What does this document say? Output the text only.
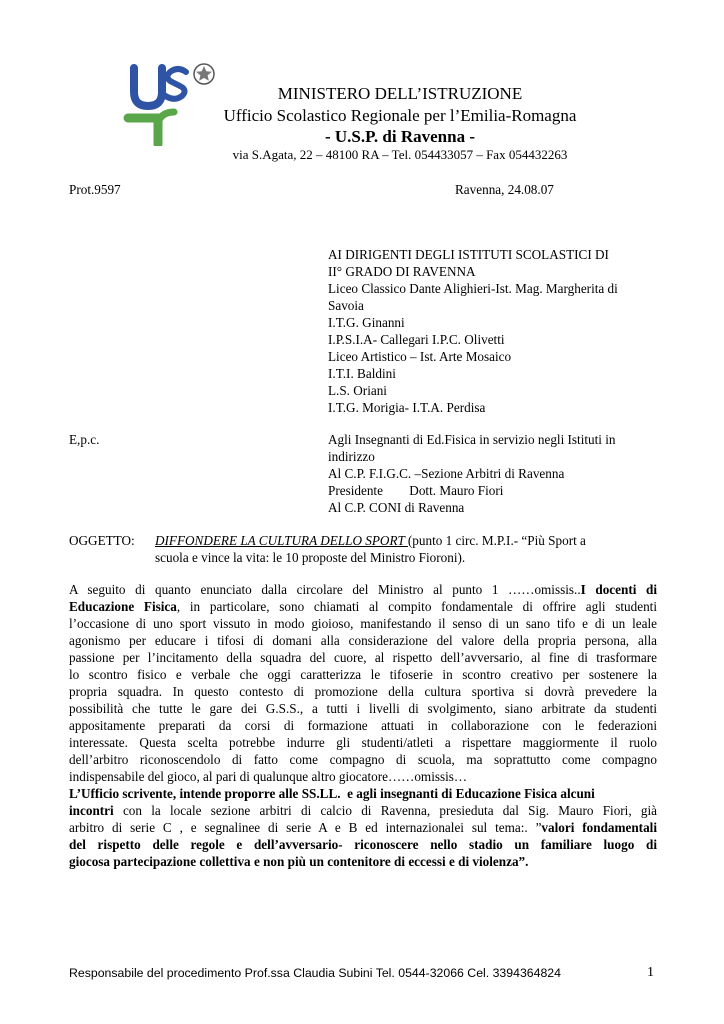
MINISTERO DELL’ISTRUZIONE
Ufficio Scolastico Regionale per l’Emilia-Romagna
- U.S.P. di Ravenna -
via S.Agata, 22 – 48100 RA – Tel. 054433057 – Fax 054432263
Prot.9597	Ravenna, 24.08.07
AI DIRIGENTI DEGLI ISTITUTI SCOLASTICI DI
II° GRADO DI RAVENNA
Liceo Classico Dante Alighieri-Ist. Mag. Margherita di
Savoia
I.T.G. Ginanni
I.P.S.I.A- Callegari I.P.C. Olivetti
Liceo Artistico – Ist. Arte Mosaico
I.T.I. Baldini
L.S. Oriani
I.T.G. Morigia- I.T.A. Perdisa
E,p.c.	Agli Insegnanti di Ed.Fisica in servizio negli Istituti in
indirizzo
Al C.P. F.I.G.C. –Sezione Arbitri di Ravenna
Presidente        Dott. Mauro Fiori
Al C.P. CONI di Ravenna
OGGETTO: DIFFONDERE LA CULTURA DELLO SPORT (punto 1 circ. M.P.I.- “Più Sport a
scuola e vince la vita: le 10 proposte del Ministro Fioroni).
A seguito di quanto enunciato dalla circolare del Ministro al punto 1 ……omissis..I docenti di
Educazione Fisica, in particolare, sono chiamati al compito fondamentale di offrire agli studenti
l’occasione di uno sport vissuto in modo gioioso, manifestando il senso di un sano tifo e di un leale
agonismo per educare i tifosi di domani alla considerazione del valore della propria persona, alla
passione per l’incitamento della squadra del cuore, al rispetto dell’avversario, al fine di trasformare
lo scontro fisico e verbale che oggi caratterizza le tifoserie in scontro creativo per sostenere la
propria squadra. In questo contesto di promozione della cultura sportiva si dovrà prevedere la
possibilità che tutte le gare dei G.S.S., a tutti i livelli di svolgimento, siano arbitrate da studenti
appositamente preparati da corsi di formazione attuati in collaborazione con le federazioni
interessate. Questa scelta potrebbe indurre gli studenti/atleti a rispettare maggiormente il ruolo
dell’arbitro riconoscendolo di fatto come compagno di scuola, ma soprattutto come compagno
indispensabile del gioco, al pari di qualunque altro giocatore……omissis…
L’Ufficio scrivente, intende proporre alle SS.LL.  e agli insegnanti di Educazione Fisica alcuni
incontri con la locale sezione arbitri di calcio di Ravenna, presieduta dal Sig. Mauro Fiori, già
arbitro di serie C , e segnalinee di serie A e B ed internazionalei sul tema:. ”valori fondamentali
del rispetto delle regole e dell’avversario- riconoscere nello stadio un familiare luogo di
giocosa partecipazione collettiva e non più un contenitore di eccessi e di violenza”.
Responsabile del procedimento Prof.ssa Claudia Subini Tel. 0544-32066 Cel. 3394364824	1
